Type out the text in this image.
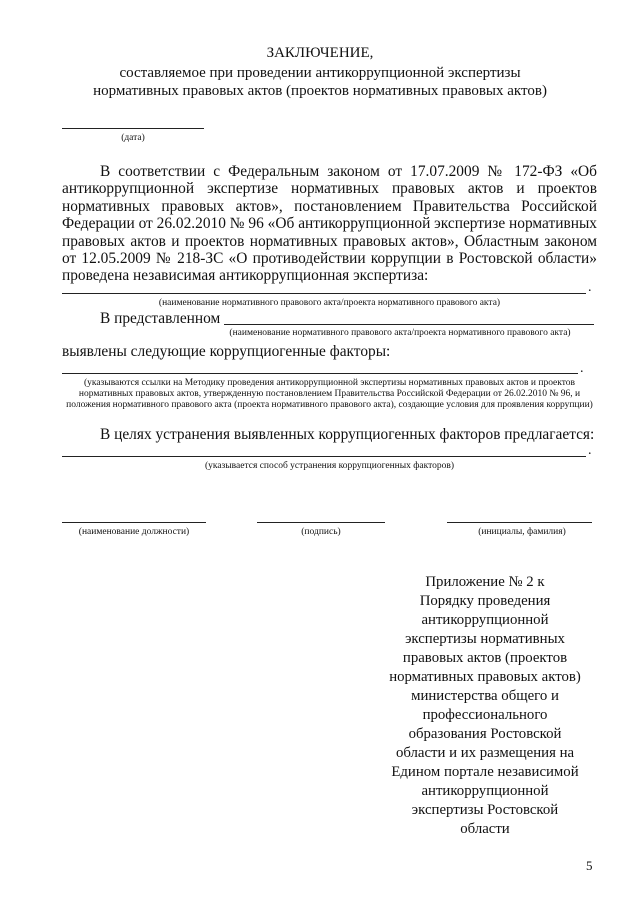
ЗАКЛЮЧЕНИЕ,
составляемое при проведении антикоррупционной экспертизы
нормативных правовых актов (проектов нормативных правовых актов)
(дата)
В соответствии с Федеральным законом от 17.07.2009 № 172-ФЗ «Об антикоррупционной экспертизе нормативных правовых актов и проектов нормативных правовых актов», постановлением Правительства Российской Федерации от 26.02.2010 № 96 «Об антикоррупционной экспертизе нормативных правовых актов и проектов нормативных правовых актов», Областным законом от 12.05.2009 № 218-ЗС «О противодействии коррупции в Ростовской области» проведена независимая антикоррупционная экспертиза:
.
(наименование нормативного правового акта/проекта нормативного правового акта)
В представленном
(наименование нормативного правового акта/проекта нормативного правового акта)
выявлены следующие коррупциогенные факторы:
.
(указываются ссылки на Методику проведения антикоррупционной экспертизы нормативных правовых актов и проектов нормативных правовых актов, утвержденную постановлением Правительства Российской Федерации от 26.02.2010 № 96, и положения нормативного правового акта (проекта нормативного правового акта), создающие условия для проявления коррупции)
В целях устранения выявленных коррупциогенных факторов предлагается:
.
(указывается способ устранения коррупциогенных факторов)
(наименование должности)	(подпись)	(инициалы, фамилия)
Приложение № 2 к
Порядку проведения
антикоррупционной
экспертизы нормативных
правовых актов (проектов
нормативных правовых актов)
министерства общего и
профессионального
образования Ростовской
области и их размещения на
Едином портале независимой
антикоррупционной
экспертизы Ростовской
области
5
